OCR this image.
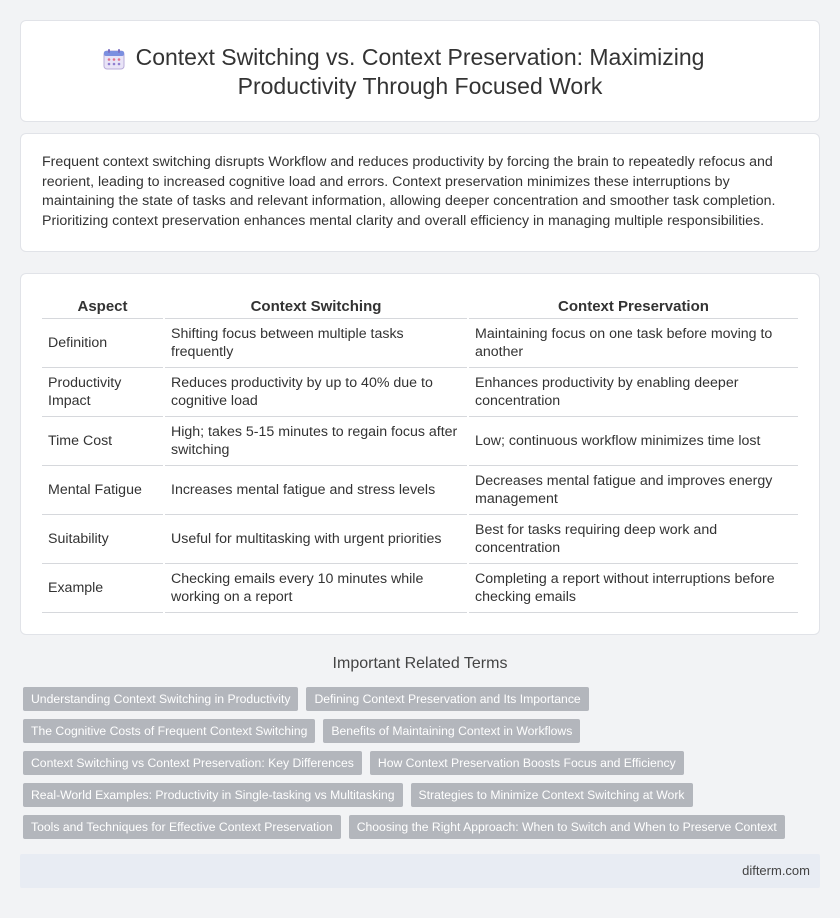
Context Switching vs. Context Preservation: Maximizing Productivity Through Focused Work

Frequent context switching disrupts Workflow and reduces productivity by forcing the brain to repeatedly refocus and reorient, leading to increased cognitive load and errors. Context preservation minimizes these interruptions by maintaining the state of tasks and relevant information, allowing deeper concentration and smoother task completion. Prioritizing context preservation enhances mental clarity and overall efficiency in managing multiple responsibilities.

Aspect	Context Switching	Context Preservation
Definition	Shifting focus between multiple tasks frequently	Maintaining focus on one task before moving to another
Productivity Impact	Reduces productivity by up to 40% due to cognitive load	Enhances productivity by enabling deeper concentration
Time Cost	High; takes 5-15 minutes to regain focus after switching	Low; continuous workflow minimizes time lost
Mental Fatigue	Increases mental fatigue and stress levels	Decreases mental fatigue and improves energy management
Suitability	Useful for multitasking with urgent priorities	Best for tasks requiring deep work and concentration
Example	Checking emails every 10 minutes while working on a report	Completing a report without interruptions before checking emails
Important Related Terms
Understanding Context Switching in Productivity	Defining Context Preservation and Its Importance
The Cognitive Costs of Frequent Context Switching	Benefits of Maintaining Context in Workflows
Context Switching vs Context Preservation: Key Differences	How Context Preservation Boosts Focus and Efficiency
Real-World Examples: Productivity in Single-tasking vs Multitasking	Strategies to Minimize Context Switching at Work
Tools and Techniques for Effective Context Preservation	Choosing the Right Approach: When to Switch and When to Preserve Context
difterm.com
